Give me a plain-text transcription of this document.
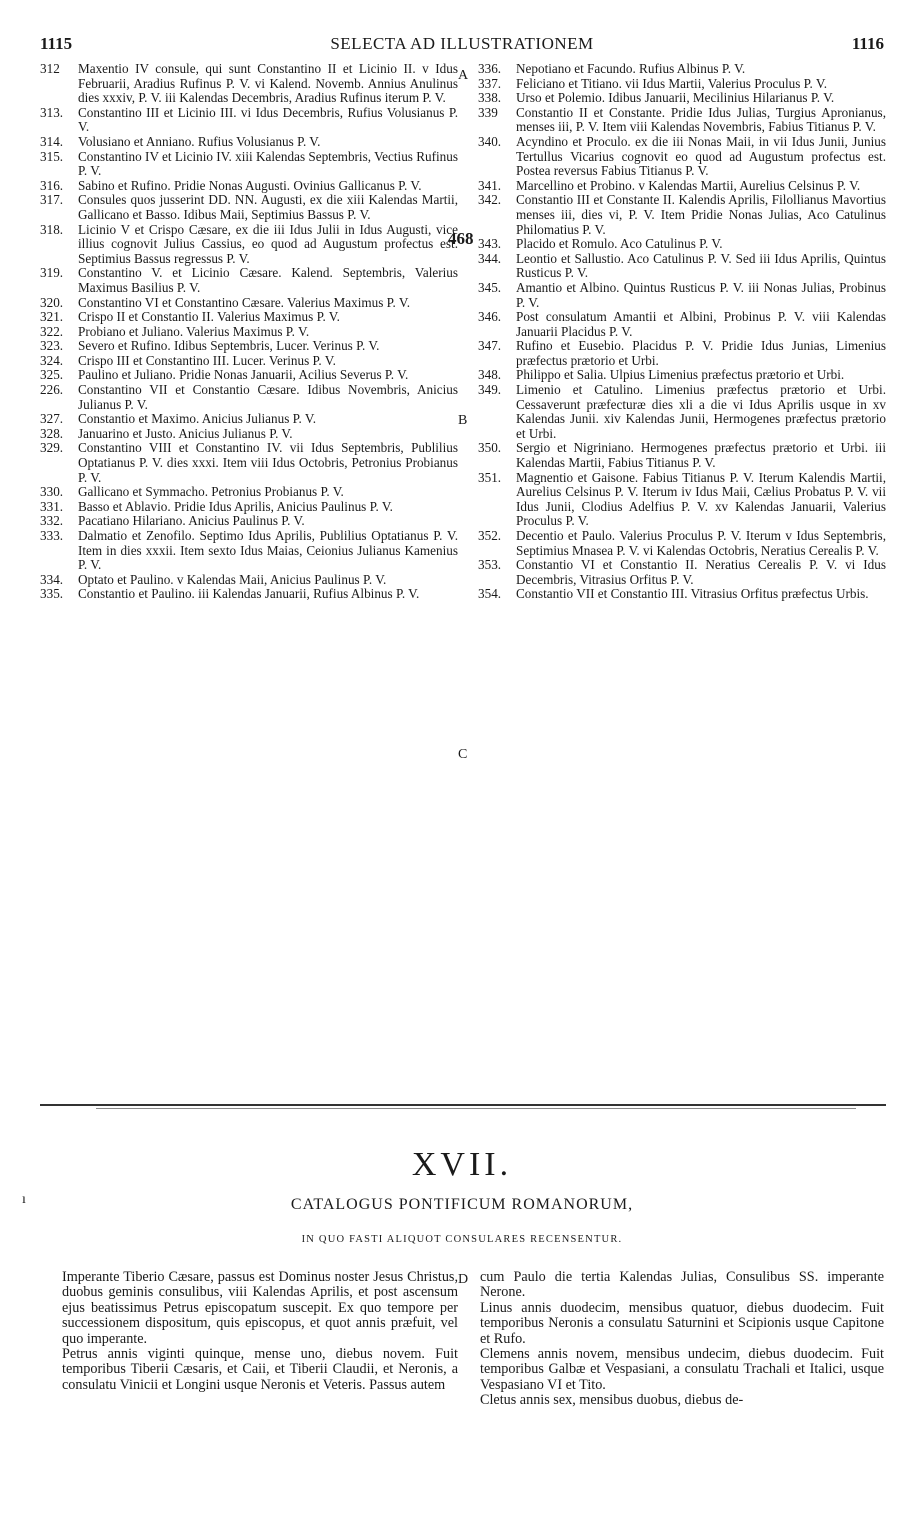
1115	SELECTA AD ILLUSTRATIONEM	1116
312	Maxentio IV consule, qui sunt Constantino II et Licinio II. v Idus Februarii, Aradius Rufinus P. V. vi Kalend. Novemb. Annius Anulinus dies xxxiv, P. V. iii Kalendas Decembris, Aradius Rufinus iterum P. V.
313.	Constantino III et Licinio III. vi Idus Decembris, Rufius Volusianus P. V.
314.	Volusiano et Anniano. Rufius Volusianus P. V.
315.	Constantino IV et Licinio IV. xiii Kalendas Septembris, Vectius Rufinus P. V.
316.	Sabino et Rufino. Pridie Nonas Augusti. Ovinius Gallicanus P. V.
317.	Consules quos jusserint DD. NN. Augusti, ex die xiii Kalendas Martii, Gallicano et Basso. Idibus Maii, Septimius Bassus P. V.
318.	Licinio V et Crispo Cæsare, ex die iii Idus Julii in Idus Augusti, vice illius cognovit Julius Cassius, eo quod ad Augustum profectus est. Septimius Bassus regressus P. V.
319.	Constantino V. et Licinio Cæsare. Kalend. Septembris, Valerius Maximus Basilius P. V.
320.	Constantino VI et Constantino Cæsare. Valerius Maximus P. V.
321.	Crispo II et Constantio II. Valerius Maximus P. V.
322.	Probiano et Juliano. Valerius Maximus P. V.
323.	Severo et Rufino. Idibus Septembris, Lucer. Verinus P. V.
324.	Crispo III et Constantino III. Lucer. Verinus P. V.
325.	Paulino et Juliano. Pridie Nonas Januarii, Acilius Severus P. V.
226.	Constantino VII et Constantio Cæsare. Idibus Novembris, Anicius Julianus P. V.
327.	Constantio et Maximo. Anicius Julianus P. V.
328.	Januarino et Justo. Anicius Julianus P. V.
329.	Constantino VIII et Constantino IV. vii Idus Septembris, Publilius Optatianus P. V. dies xxxi. Item viii Idus Octobris, Petronius Probianus P. V.
330.	Gallicano et Symmacho. Petronius Probianus P. V.
331.	Basso et Ablavio. Pridie Idus Aprilis, Anicius Paulinus P. V.
332.	Pacatiano Hilariano. Anicius Paulinus P. V.
333.	Dalmatio et Zenofilo. Septimo Idus Aprilis, Publilius Optatianus P. V. Item in dies xxxii. Item sexto Idus Maias, Ceionius Julianus Kamenius P. V.
334.	Optato et Paulino. v Kalendas Maii, Anicius Paulinus P. V.
335.	Constantio et Paulino. iii Kalendas Januarii, Rufius Albinus P. V.
336.	Nepotiano et Facundo. Rufius Albinus P. V.
337.	Feliciano et Titiano. vii Idus Martii, Valerius Proculus P. V.
338.	Urso et Polemio. Idibus Januarii, Mecilinius Hilarianus P. V.
339	Constantio II et Constante. Pridie Idus Julias, Turgius Apronianus, menses iii, P. V. Item viii Kalendas Novembris, Fabius Titianus P. V.
340.	Acyndino et Proculo. ex die iii Nonas Maii, in vii Idus Junii, Junius Tertullus Vicarius cognovit eo quod ad Augustum profectus est. Postea reversus Fabius Titianus P. V.
341.	Marcellino et Probino. v Kalendas Martii, Aurelius Celsinus P. V.
342.	Constantio III et Constante II. Kalendis Aprilis, Filollianus Mavortius menses iii, dies vi, P. V. Item Pridie Nonas Julias, Aco Catulinus Philomatius P. V.
343.	Placido et Romulo. Aco Catulinus P. V.
344.	Leontio et Sallustio. Aco Catulinus P. V. Sed iii Idus Aprilis, Quintus Rusticus P. V.
345.	Amantio et Albino. Quintus Rusticus P. V. iii Nonas Julias, Probinus P. V.
346.	Post consulatum Amantii et Albini, Probinus P. V. viii Kalendas Januarii Placidus P. V.
347.	Rufino et Eusebio. Placidus P. V. Pridie Idus Junias, Limenius præfectus prætorio et Urbi.
348.	Philippo et Salia. Ulpius Limenius præfectus prætorio et Urbi.
349.	Limenio et Catulino. Limenius præfectus prætorio et Urbi. Cessaverunt præfecturæ dies xli a die vi Idus Aprilis usque in xv Kalendas Junii. xiv Kalendas Junii, Hermogenes præfectus prætorio et Urbi.
350.	Sergio et Nigriniano. Hermogenes præfectus prætorio et Urbi. iii Kalendas Martii, Fabius Titianus P. V.
351.	Magnentio et Gaisone. Fabius Titianus P. V. Iterum Kalendis Martii, Aurelius Celsinus P. V. Iterum iv Idus Maii, Cælius Probatus P. V. vii Idus Junii, Clodius Adelfius P. V. xv Kalendas Januarii, Valerius Proculus P. V.
352.	Decentio et Paulo. Valerius Proculus P. V. Iterum v Idus Septembris, Septimius Mnasea P. V. vi Kalendas Octobris, Neratius Cerealis P. V.
353.	Constantio VI et Constantio II. Neratius Cerealis P. V. vi Idus Decembris, Vitrasius Orfitus P. V.
354.	Constantio VII et Constantio III. Vitrasius Orfitus præfectus Urbis.
A
B
C
468
ı
XVII.
CATALOGUS PONTIFICUM ROMANORUM,
IN QUO FASTI ALIQUOT CONSULARES RECENSENTUR.

Imperante Tiberio Cæsare, passus est Dominus noster Jesus Christus, duobus geminis consulibus, viii Kalendas Aprilis, et post ascensum ejus beatissimus Petrus episcopatum suscepit. Ex quo tempore per successionem dispositum, quis episcopus, et quot annis præfuit, vel quo imperante.

Petrus annis viginti quinque, mense uno, diebus novem. Fuit temporibus Tiberii Cæsaris, et Caii, et Tiberii Claudii, et Neronis, a consulatu Vinicii et Longini usque Neronis et Veteris. Passus autem

D cum Paulo die tertia Kalendas Julias, Consulibus SS. imperante Nerone.

Linus annis duodecim, mensibus quatuor, diebus duodecim. Fuit temporibus Neronis a consulatu Saturnini et Scipionis usque Capitone et Rufo.

Clemens annis novem, mensibus undecim, diebus duodecim. Fuit temporibus Galbæ et Vespasiani, a consulatu Trachali et Italici, usque Vespasiano VI et Tito.

Cletus annis sex, mensibus duobus, diebus de-
